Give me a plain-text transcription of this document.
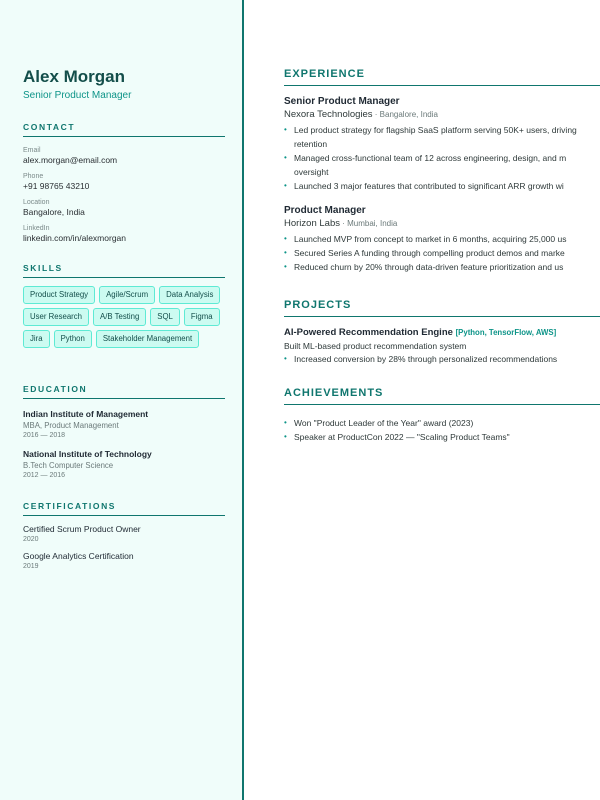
Alex Morgan
Senior Product Manager
CONTACT
Email
alex.morgan@email.com
Phone
+91 98765 43210
Location
Bangalore, India
LinkedIn
linkedin.com/in/alexmorgan
SKILLS
Product Strategy	Agile/Scrum	Data Analysis
User Research	A/B Testing	SQL	Figma
Jira	Python	Stakeholder Management
EDUCATION
Indian Institute of Management
MBA, Product Management
2016 — 2018
National Institute of Technology
B.Tech Computer Science
2012 — 2016
CERTIFICATIONS
Certified Scrum Product Owner
2020
Google Analytics Certification
2019
EXPERIENCE
Senior Product Manager
Nexora Technologies · Bangalore, India
• Led product strategy for flagship SaaS platform serving 50K+ users, driving
retention
• Managed cross-functional team of 12 across engineering, design, and m
oversight
• Launched 3 major features that contributed to significant ARR growth wi
Product Manager
Horizon Labs · Mumbai, India
• Launched MVP from concept to market in 6 months, acquiring 25,000 us
• Secured Series A funding through compelling product demos and marke
• Reduced churn by 20% through data-driven feature prioritization and us
PROJECTS
AI-Powered Recommendation Engine [Python, TensorFlow, AWS]
Built ML-based product recommendation system
• Increased conversion by 28% through personalized recommendations
ACHIEVEMENTS
• Won "Product Leader of the Year" award (2023)
• Speaker at ProductCon 2022 — "Scaling Product Teams"
